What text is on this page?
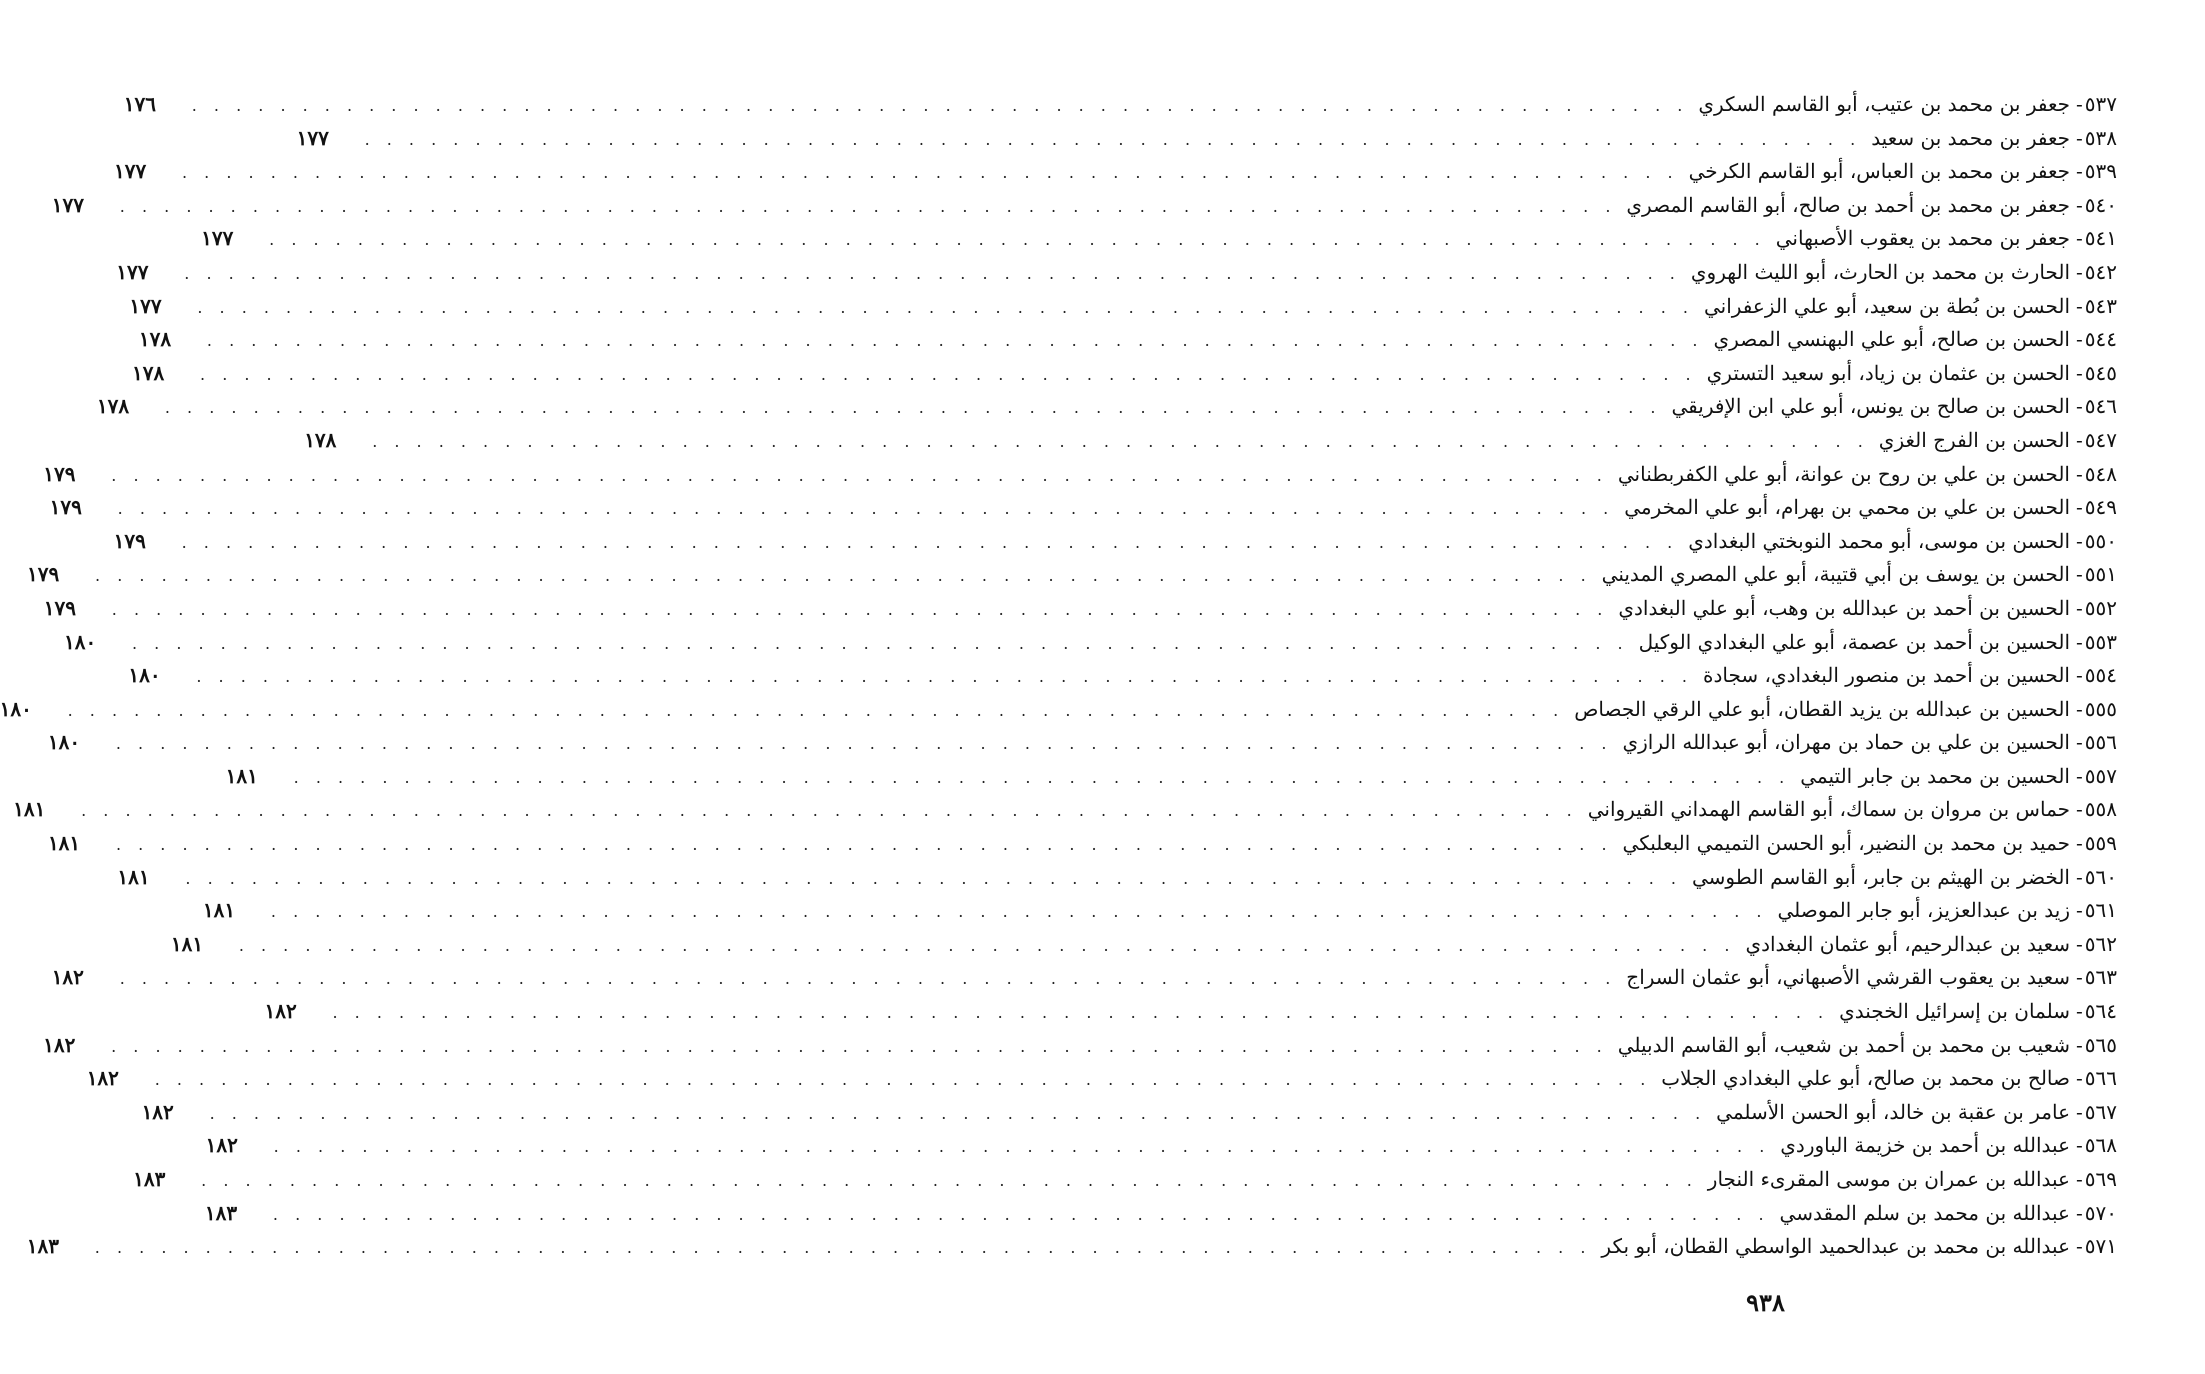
٥٣٧
-
جعفر بن محمد بن عتيب، أبو القاسم السكري
. . .
١٧٦
٥٣٨
-
جعفر بن محمد بن سعيد
. . .
١٧٧
٥٣٩
-
جعفر بن محمد بن العباس، أبو القاسم الكرخي
. . .
١٧٧
٥٤٠
-
جعفر بن محمد بن أحمد بن صالح، أبو القاسم المصري
. . .
١٧٧
٥٤١
-
جعفر بن محمد بن يعقوب الأصبهاني
. . .
١٧٧
٥٤٢
-
الحارث بن محمد بن الحارث، أبو الليث الهروي
. . .
١٧٧
٥٤٣
-
الحسن بن بُطة بن سعيد، أبو علي الزعفراني
. . .
١٧٧
٥٤٤
-
الحسن بن صالح، أبو علي البهنسي المصري
. . .
١٧٨
٥٤٥
-
الحسن بن عثمان بن زياد، أبو سعيد التستري
. . .
١٧٨
٥٤٦
-
الحسن بن صالح بن يونس، أبو علي ابن الإفريقي
. . .
١٧٨
٥٤٧
-
الحسن بن الفرج الغزي
. . .
١٧٨
٥٤٨
-
الحسن بن علي بن روح بن عوانة، أبو علي الكفربطناني
. . .
١٧٩
٥٤٩
-
الحسن بن علي بن محمي بن بهرام، أبو علي المخرمي
. . .
١٧٩
٥٥٠
-
الحسن بن موسى، أبو محمد النوبختي البغدادي
. . .
١٧٩
٥٥١
-
الحسن بن يوسف بن أبي قتيبة، أبو علي المصري المديني
. . .
١٧٩
٥٥٢
-
الحسين بن أحمد بن عبدالله بن وهب، أبو علي البغدادي
. . .
١٧٩
٥٥٣
-
الحسين بن أحمد بن عصمة، أبو علي البغدادي الوكيل
. . .
١٨٠
٥٥٤
-
الحسين بن أحمد بن منصور البغدادي، سجادة
. . .
١٨٠
٥٥٥
-
الحسين بن عبدالله بن يزيد القطان، أبو علي الرقي الجصاص
. . .
١٨٠
٥٥٦
-
الحسين بن علي بن حماد بن مهران، أبو عبدالله الرازي
. . .
١٨٠
٥٥٧
-
الحسين بن محمد بن جابر التيمي
. . .
١٨١
٥٥٨
-
حماس بن مروان بن سماك، أبو القاسم الهمداني القيرواني
. . .
١٨١
٥٥٩
-
حميد بن محمد بن النضير، أبو الحسن التميمي البعلبكي
. . .
١٨١
٥٦٠
-
الخضر بن الهيثم بن جابر، أبو القاسم الطوسي
. . .
١٨١
٥٦١
-
زيد بن عبدالعزيز، أبو جابر الموصلي
. . .
١٨١
٥٦٢
-
سعيد بن عبدالرحيم، أبو عثمان البغدادي
. . .
١٨١
٥٦٣
-
سعيد بن يعقوب القرشي الأصبهاني، أبو عثمان السراج
. . .
١٨٢
٥٦٤
-
سلمان بن إسرائيل الخجندي
. . .
١٨٢
٥٦٥
-
شعيب بن محمد بن أحمد بن شعيب، أبو القاسم الدبيلي
. . .
١٨٢
٥٦٦
-
صالح بن محمد بن صالح، أبو علي البغدادي الجلاب
. . .
١٨٢
٥٦٧
-
عامر بن عقبة بن خالد، أبو الحسن الأسلمي
. . .
١٨٢
٥٦٨
-
عبدالله بن أحمد بن خزيمة الباوردي
. . .
١٨٢
٥٦٩
-
عبدالله بن عمران بن موسى المقرىء النجار
. . .
١٨٣
٥٧٠
-
عبدالله بن محمد بن سلم المقدسي
. . .
١٨٣
٥٧١
-
عبدالله بن محمد بن عبدالحميد الواسطي القطان، أبو بكر
. . .
١٨٣
٩٣٨
